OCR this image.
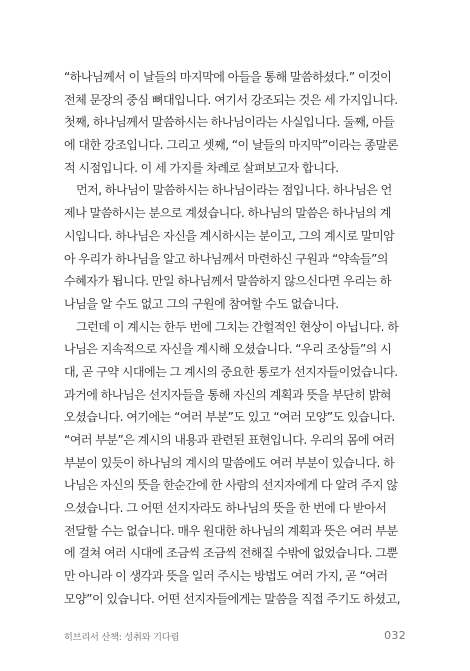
“하나님께서 이 날들의 마지막에 아들을 통해 말씀하셨다.” 이것이
전체 문장의 중심 뼈대입니다. 여기서 강조되는 것은 세 가지입니다.
첫째, 하나님께서 말씀하시는 하나님이라는 사실입니다. 둘째, 아들
에 대한 강조입니다. 그리고 셋째, “이 날들의 마지막”이라는 종말론
적 시점입니다. 이 세 가지를 차례로 살펴보고자 합니다.
먼저, 하나님이 말씀하시는 하나님이라는 점입니다. 하나님은 언
제나 말씀하시는 분으로 계셨습니다. 하나님의 말씀은 하나님의 계
시입니다. 하나님은 자신을 계시하시는 분이고, 그의 계시로 말미암
아 우리가 하나님을 알고 하나님께서 마련하신 구원과 “약속들”의
수혜자가 됩니다. 만일 하나님께서 말씀하지 않으신다면 우리는 하
나님을 알 수도 없고 그의 구원에 참여할 수도 없습니다.
그런데 이 계시는 한두 번에 그치는 간헐적인 현상이 아닙니다. 하
나님은 지속적으로 자신을 계시해 오셨습니다. “우리 조상들”의 시
대, 곧 구약 시대에는 그 계시의 중요한 통로가 선지자들이었습니다.
과거에 하나님은 선지자들을 통해 자신의 계획과 뜻을 부단히 밝혀
오셨습니다. 여기에는 “여러 부분”도 있고 “여러 모양”도 있습니다.
“여러 부분”은 계시의 내용과 관련된 표현입니다. 우리의 몸에 여러
부분이 있듯이 하나님의 계시의 말씀에도 여러 부분이 있습니다. 하
나님은 자신의 뜻을 한순간에 한 사람의 선지자에게 다 알려 주지 않
으셨습니다. 그 어떤 선지자라도 하나님의 뜻을 한 번에 다 받아서
전달할 수는 없습니다. 매우 원대한 하나님의 계획과 뜻은 여러 부분
에 걸쳐 여러 시대에 조금씩 조금씩 전해질 수밖에 없었습니다. 그뿐
만 아니라 이 생각과 뜻을 일러 주시는 방법도 여러 가지, 곧 “여러
모양”이 있습니다. 어떤 선지자들에게는 말씀을 직접 주기도 하셨고,
히브리서 산책: 성취와 기다림	032
